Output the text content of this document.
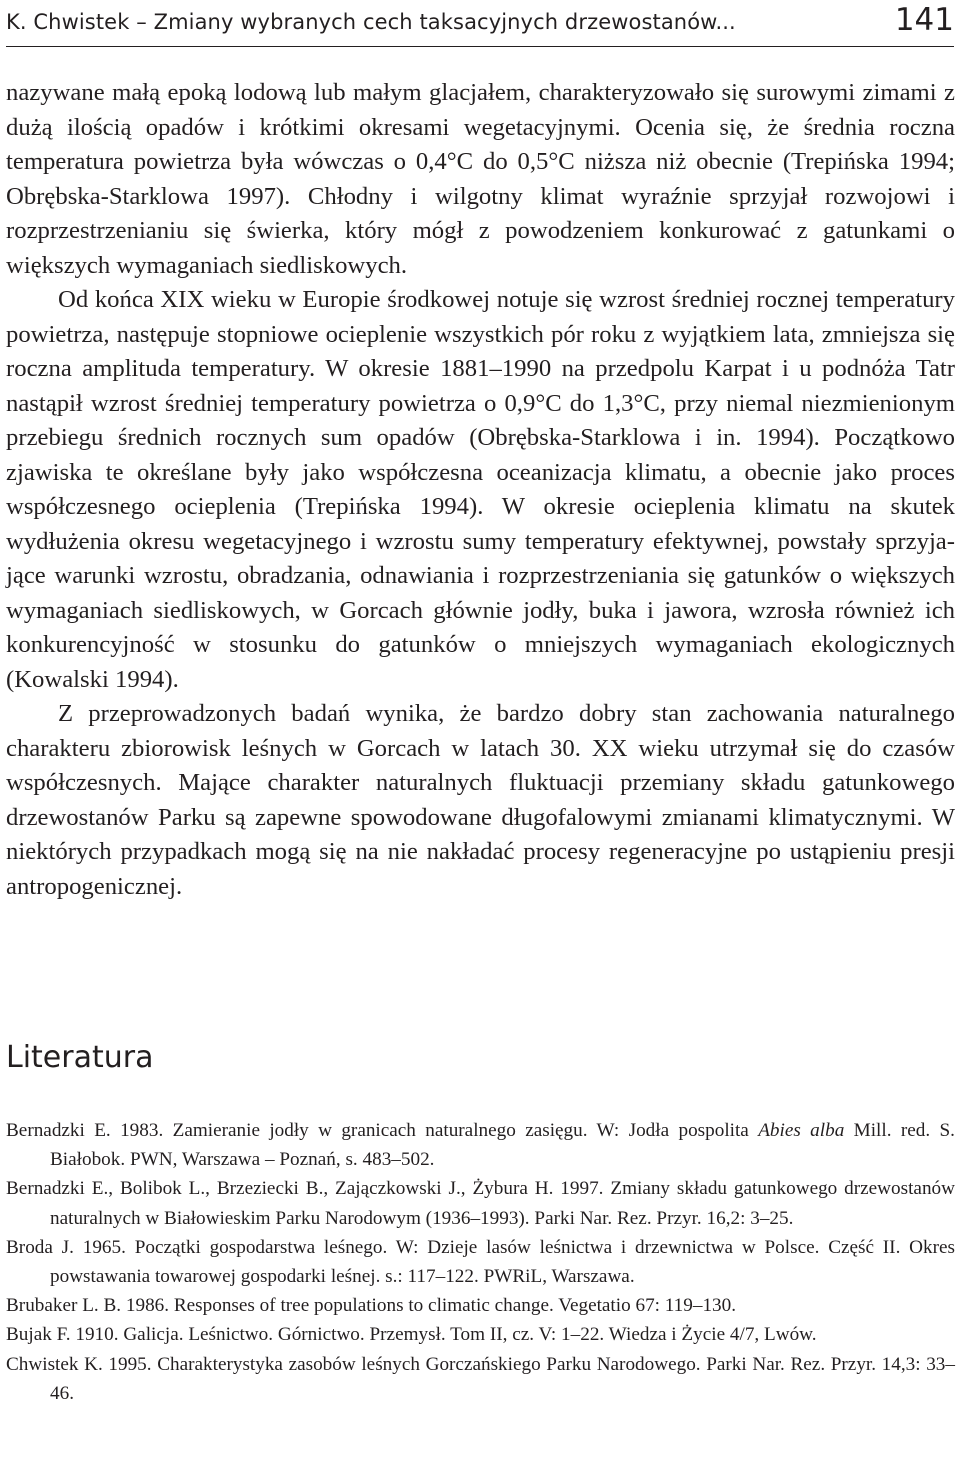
K. Chwistek – Zmiany wybranych cech taksacyjnych drzewostanów...	141

nazywane małą epoką lodową lub małym glacjałem, charakteryzowało się surowymi zimami z dużą ilością opadów i krótkimi okresami wegetacyjnymi. Ocenia się, że średnia roczna temperatura powietrza była wówczas o 0,4°C do 0,5°C niższa niż obecnie (Trepińska 1994; Obrębska-Starklowa 1997). Chłodny i wilgotny klimat wyraźnie sprzyjał rozwojowi i rozprzestrzenianiu się świerka, który mógł z powodzeniem konkurować z gatunkami o większych wymaganiach siedliskowych.

Od końca XIX wieku w Europie środkowej notuje się wzrost średniej rocznej temperatury powietrza, następuje stopniowe ocieplenie wszystkich pór roku z wyjątkiem lata, zmniejsza się roczna amplituda temperatury. W okresie 1881–1990 na przedpolu Karpat i u podnóża Tatr nastąpił wzrost średniej temperatury powietrza o 0,9°C do 1,3°C, przy niemal niezmienionym przebiegu średnich rocznych sum opadów (Obrębska-Starklowa i in. 1994). Początkowo zjawiska te określane były jako współczesna oceanizacja klimatu, a obecnie jako proces współczesnego ocieplenia (Trepińska 1994). W okresie ocieplenia klimatu na skutek wydłużenia okresu wegetacyjnego i wzrostu sumy temperatury efektywnej, powstały sprzyjające warunki wzrostu, obradzania, odnawiania i rozprzestrzeniania się gatunków o większych wymaganiach siedliskowych, w Gorcach głównie jodły, buka i jawora, wzrosła również ich konkurencyjność w stosunku do gatunków o mniejszych wymaganiach ekologicznych (Kowalski 1994).

Z przeprowadzonych badań wynika, że bardzo dobry stan zachowania naturalnego charakteru zbiorowisk leśnych w Gorcach w latach 30. XX wieku utrzymał się do czasów współczesnych. Mające charakter naturalnych fluktuacji przemiany składu gatunkowego drzewostanów Parku są zapewne spowodowane długofalowymi zmianami klimatycznymi. W niektórych przypadkach mogą się na nie nakładać procesy regeneracyjne po ustąpieniu presji antropogenicznej.

Literatura
Bernadzki E. 1983. Zamieranie jodły w granicach naturalnego zasięgu. W: Jodła pospolita Abies alba Mill. red. S. Białobok. PWN, Warszawa – Poznań, s. 483–502.
Bernadzki E., Bolibok L., Brzeziecki B., Zajączkowski J., Żybura H. 1997. Zmiany składu gatunkowego drzewostanów naturalnych w Białowieskim Parku Narodowym (1936–1993). Parki Nar. Rez. Przyr. 16,2: 3–25.
Broda J. 1965. Początki gospodarstwa leśnego. W: Dzieje lasów leśnictwa i drzewnictwa w Polsce. Część II. Okres powstawania towarowej gospodarki leśnej. s.: 117–122. PWRiL, Warszawa.
Brubaker L. B. 1986. Responses of tree populations to climatic change. Vegetatio 67: 119–130.
Bujak F. 1910. Galicja. Leśnictwo. Górnictwo. Przemysł. Tom II, cz. V: 1–22. Wiedza i Życie 4/7, Lwów.
Chwistek K. 1995. Charakterystyka zasobów leśnych Gorczańskiego Parku Narodowego. Parki Nar. Rez. Przyr. 14,3: 33–46.
